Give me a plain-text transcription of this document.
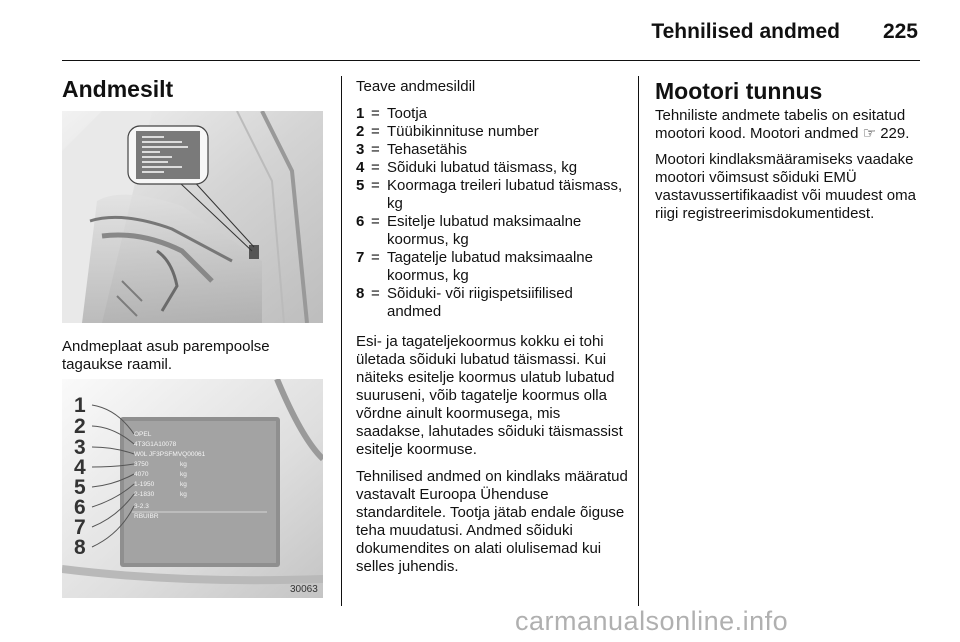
Tehnilised andmed 225
Andmesilt
Andmeplaat asub parempoolse tagaukse raamil.
OPEL
4T3G1A10078
W0L JF3PSFMVQ00061
3750
4070
1-1950
2-1830
3-2.3
RBUIBR
kg
kg
kg
kg
1
2
3
4
5
6
7
8
30063

Teave andmesildil

1 = Tootja
2 = Tüübikinnituse number
3 = Tehasetähis
4 = Sõiduki lubatud täismass, kg
5 = Koormaga treileri lubatud täismass, kg
6 = Esitelje lubatud maksimaalne koormus, kg
7 = Tagatelje lubatud maksimaalne koormus, kg
8 = Sõiduki- või riigispetsiifilised andmed

Esi- ja tagateljekoormus kokku ei tohi ületada sõiduki lubatud täismassi. Kui näiteks esitelje koormus ulatub lubatud suuruseni, võib tagatelje koormus olla võrdne ainult koormusega, mis saadakse, lahutades sõiduki täismassist esitelje koormuse.

Tehnilised andmed on kindlaks määratud vastavalt Euroopa Ühenduse standarditele. Tootja jätab endale õiguse teha muudatusi. Andmed sõiduki dokumendites on alati olulisemad kui selles juhendis.

Mootori tunnus

Tehniliste andmete tabelis on esitatud mootori kood. Mootori andmed ☞ 229.

Mootori kindlaksmääramiseks vaadake mootori võimsust sõiduki EMÜ vastavussertifikaadist või muudest oma riigi registreerimisdokumentidest.

carmanualsonline.info
